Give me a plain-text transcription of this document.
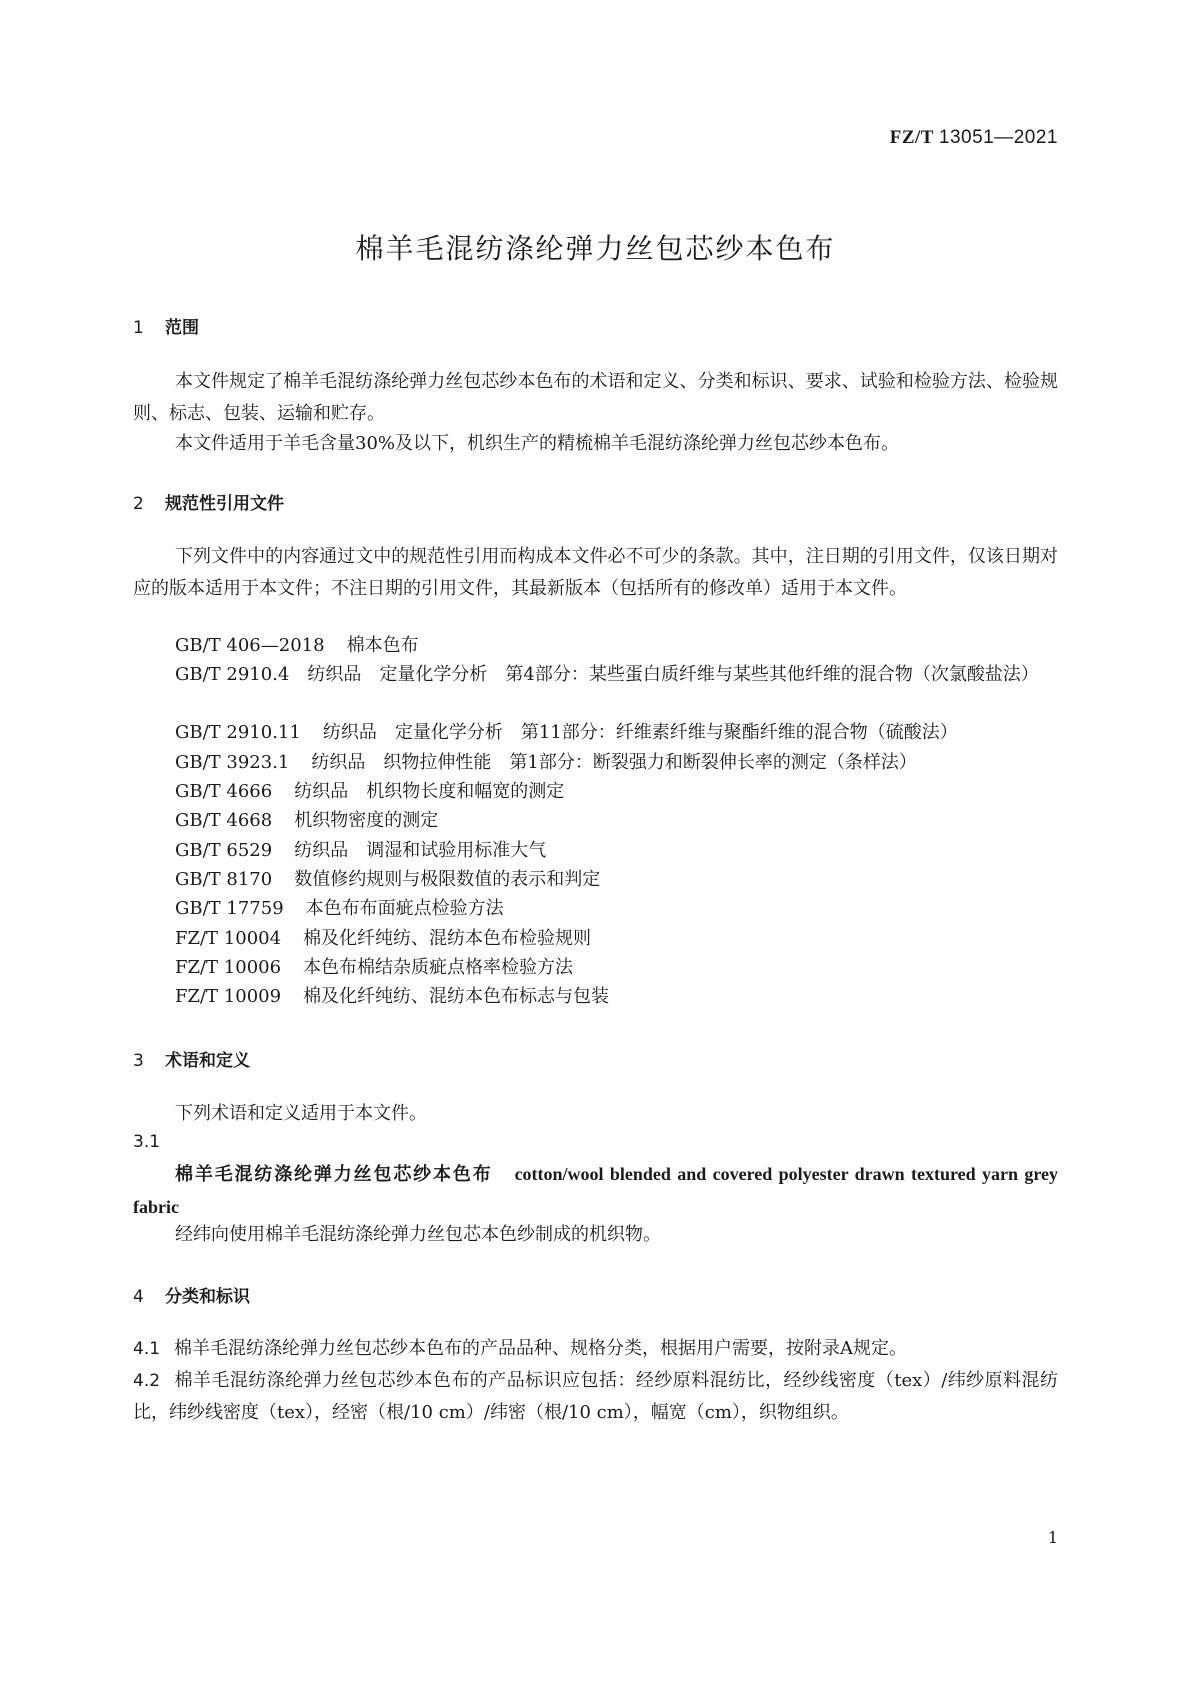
FZ/T 13051—2021
棉羊毛混纺涤纶弹力丝包芯纱本色布
1 范围
本文件规定了棉羊毛混纺涤纶弹力丝包芯纱本色布的术语和定义、分类和标识、要求、试验和检验方法、检验规则、标志、包装、运输和贮存。
本文件适用于羊毛含量30%及以下，机织生产的精梳棉羊毛混纺涤纶弹力丝包芯纱本色布。
2 规范性引用文件
下列文件中的内容通过文中的规范性引用而构成本文件必不可少的条款。其中，注日期的引用文件，仅该日期对应的版本适用于本文件；不注日期的引用文件，其最新版本（包括所有的修改单）适用于本文件。
GB/T 406—2018 棉本色布
GB/T 2910.4　 纺织品　定量化学分析　第4部分：某些蛋白质纤维与某些其他纤维的混合物（次氯酸盐法）
GB/T 2910.11 纺织品　定量化学分析　第11部分：纤维素纤维与聚酯纤维的混合物（硫酸法）
GB/T 3923.1 纺织品　织物拉伸性能　第1部分：断裂强力和断裂伸长率的测定（条样法）
GB/T 4666 纺织品　机织物长度和幅宽的测定
GB/T 4668 机织物密度的测定
GB/T 6529 纺织品　调湿和试验用标准大气
GB/T 8170 数值修约规则与极限数值的表示和判定
GB/T 17759 本色布布面疵点检验方法
FZ/T 10004 棉及化纤纯纺、混纺本色布检验规则
FZ/T 10006 本色布棉结杂质疵点格率检验方法
FZ/T 10009 棉及化纤纯纺、混纺本色布标志与包装
3 术语和定义
下列术语和定义适用于本文件。
3.1
棉羊毛混纺涤纶弹力丝包芯纱本色布 cotton/wool blended and covered polyester drawn textured yarn grey fabric
经纬向使用棉羊毛混纺涤纶弹力丝包芯本色纱制成的机织物。
4 分类和标识
4.1 棉羊毛混纺涤纶弹力丝包芯纱本色布的产品品种、规格分类，根据用户需要，按附录A规定。
4.2 棉羊毛混纺涤纶弹力丝包芯纱本色布的产品标识应包括：经纱原料混纺比，经纱线密度（tex）/纬纱原料混纺比，纬纱线密度（tex），经密（根/10 cm）/纬密（根/10 cm），幅宽（cm），织物组织。
1
